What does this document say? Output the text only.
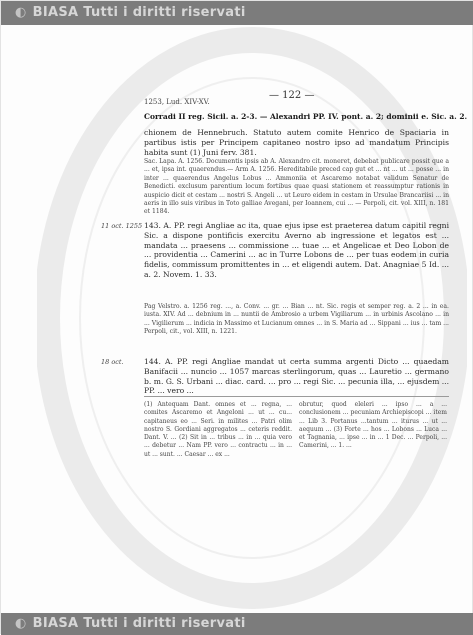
◐ BIASA Tutti i diritti riservati
— 122 —
1253, Lud. XIV-XV.
Corradi II reg. Sicil. a. 2-3. — Alexandri PP. IV. pont. a. 2; dominii e. Sic. a. 2.
chionem de Hennebruch. Statuto autem comite Henrico de Spaciaria in partibus istis per Principem capitaneo nostro ipso ad mandatum Principis habita sunt (1) Juni ferv. 381.
Sac. Lapa. A. 1256. Documentis ipsis ab A. Alexandro cit. moneret, debebat publicare possit que a ... et, ipsa int. quaerendus.— Arm A. 1256. Hereditabile preced cap gut et ... nt ... ut ... posse ... in inter ... quaerendus Angelus Lobus ... Ammoniia et Ascaremo notabat validum Senatur de Benedicti. exclusum parentium locum fortibus quae quasi stationem et reassumptur rationis in auspicio dicit et cestam ... nostri S. Angeli ... ut Leuro eidem in cestam in Ursulae Brancariisi ... in aeris in illo suis viribus in Toto galliae Avegani, per Ioannem, cui ... — Perpoli, cit. vol. XIII, n. 181 et 1184.
11 oct. 1255 143. A. PP. regi Angliae ac ita, quae ejus ipse est praeterea datum capitil regni Sic. a dispone pontificis exercitu Averno ab ingressione et legatos est ... mandata ... praesens ... commissione ... tuae ... et Angelicae et Deo Lobon de ... providentia ... Camerini ... ac in Turre Lobons de ... per tuas eodem in curia fidelis, commissum promittentes in ... et eligendi autem. Dat. Anagniae 5 Id. ... a. 2. Novem. 1. 33.
Pag Velstro. a. 1256 reg. ..., a. Conv. ... gr. ... Bian ... nt. Sic. regis et semper reg. a. 2 ... in ea. iusta. XIV. Ad ... debnium in ... nuntii de Ambrosio a urbem Vigiliarum ... in urbinis Ascolano ... in ... Vigilierum ... indicia in Massimo et Lucianum omnes ... in S. Maria ad ... Sippani ... ius ... tam ... Perpoli, cit., vol. XIII, n. 1221.
18 oct.	144. A. PP. regi Angliae mandat ut certa summa argenti Dicto ... quaedam Banifacii ... nuncio ... 1057 marcas sterlingorum, quas ... Lauretio ... germano b. m. G. S. Urbani ... diac. card. ... pro ... regi Sic. ... pecunia illa, ... ejusdem ... PP. ... vero ...
(1) Antequam Dant. omnes et ... regna, ... comites Ascaremo et Angeloni ... ut ... cu... capitaneus eo ... Seri. in milites ... Patri olim nostro S. Gordiani aggregatos ... ceteris reddit. Dant. V. ... (2) Sit in ... tribus ... in ... quia vero ... debetur ... Nam PP. vero ... contractu ... in ... ut ... sunt. ... Caesar ... ex ...
obrutur, quod eleleri ... ipso ... a ... conclusionem ... pecuniam Archiepiscopi ... item ... Lib 3. Portanus ...tantum ... iturus ... ut ... aequum ... (3) Forte ... hos ... Lobons ... Luca ... et Tagnania, ... ipse ... in ... 1 Dec. ... Perpoli, ... Camerini, ... 1. ...
◐ BIASA Tutti i diritti riservati
